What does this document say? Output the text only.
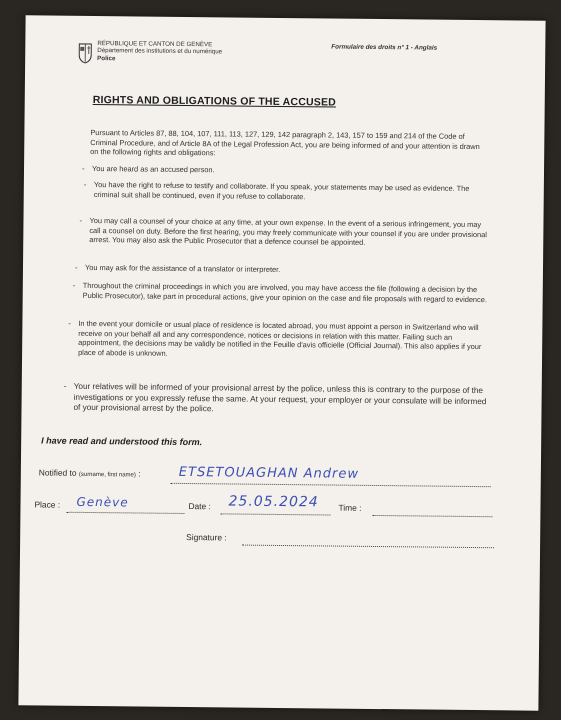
RÉPUBLIQUE ET CANTON DE GENÈVE
Département des institutions et du numérique
Police
Formulaire des droits n° 1 - Anglais
RIGHTS AND OBLIGATIONS OF THE ACCUSED
Pursuant to Articles 87, 88, 104, 107, 111, 113, 127, 129, 142 paragraph 2, 143, 157 to 159 and 214 of the Code of Criminal Procedure, and of Article 8A of the Legal Profession Act, you are being informed of and your attention is drawn on the following rights and obligations:
- You are heard as an accused person.
- You have the right to refuse to testify and collaborate. If you speak, your statements may be used as evidence. The criminal suit shall be continued, even if you refuse to collaborate.
- You may call a counsel of your choice at any time, at your own expense. In the event of a serious infringement, you may call a counsel on duty. Before the first hearing, you may freely communicate with your counsel if you are under provisional arrest. You may also ask the Public Prosecutor that a defence counsel be appointed.
- You may ask for the assistance of a translator or interpreter.
- Throughout the criminal proceedings in which you are involved, you may have access the file (following a decision by the Public Prosecutor), take part in procedural actions, give your opinion on the case and file proposals with regard to evidence.
- In the event your domicile or usual place of residence is located abroad, you must appoint a person in Switzerland who will receive on your behalf all and any correspondence, notices or decisions in relation with this matter. Failing such an appointment, the decisions may be validly be notified in the Feuille d'avis officielle (Official Journal). This also applies if your place of abode is unknown.
- Your relatives will be informed of your provisional arrest by the police, unless this is contrary to the purpose of the investigations or you expressly refuse the same. At your request, your employer or your consulate will be informed of your provisional arrest by the police.
I have read and understood this form.
Notified to (surname, first name) :	ETSETOUAGHAN Andrew
Place : Genève	Date : 25.05.2024 Time :
Signature :
